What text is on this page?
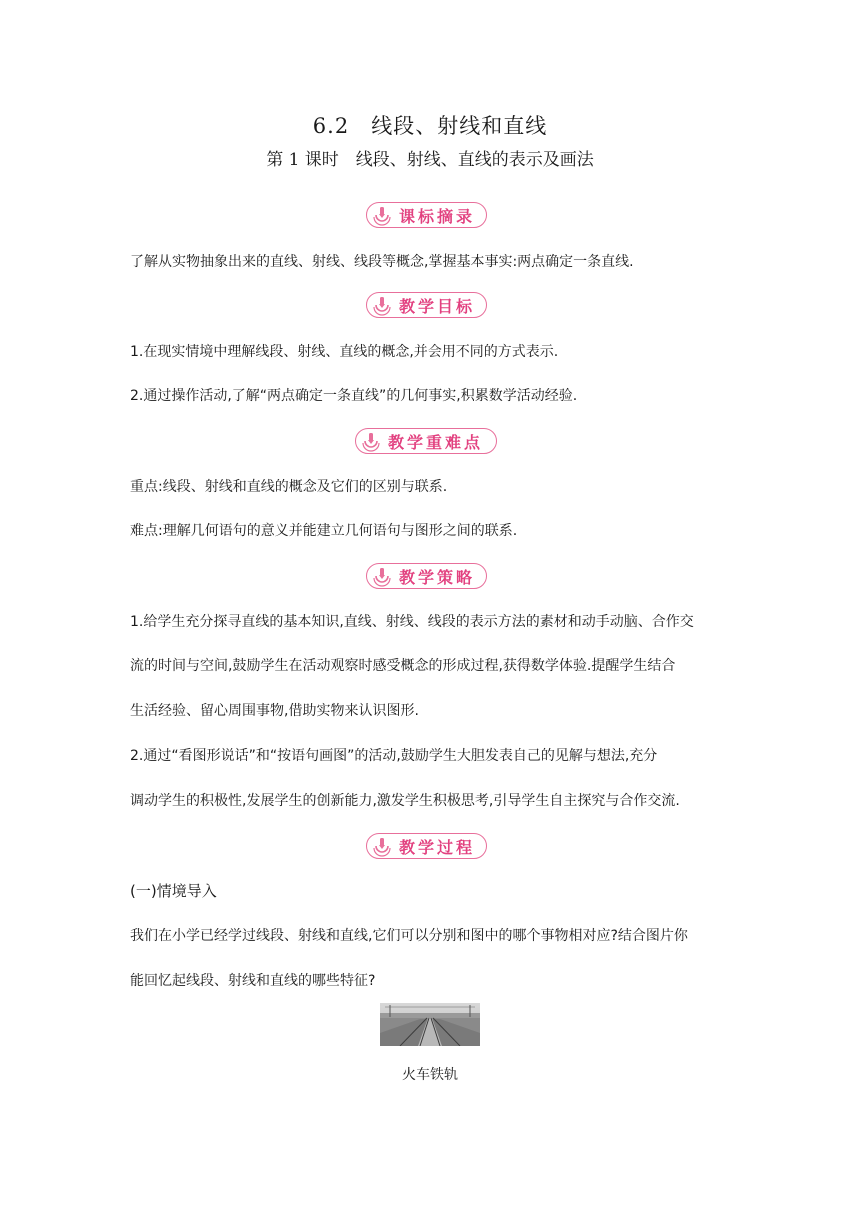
6.2　线段、射线和直线
第 1 课时　线段、射线、直线的表示及画法
课标摘录
了解从实物抽象出来的直线、射线、线段等概念,掌握基本事实:两点确定一条直线.
教学目标
1.在现实情境中理解线段、射线、直线的概念,并会用不同的方式表示.
2.通过操作活动,了解“两点确定一条直线”的几何事实,积累数学活动经验.
教学重难点
重点:线段、射线和直线的概念及它们的区别与联系.
难点:理解几何语句的意义并能建立几何语句与图形之间的联系.
教学策略
1.给学生充分探寻直线的基本知识,直线、射线、线段的表示方法的素材和动手动脑、合作交
流的时间与空间,鼓励学生在活动观察时感受概念的形成过程,获得数学体验.提醒学生结合
生活经验、留心周围事物,借助实物来认识图形.
2.通过“看图形说话”和“按语句画图”的活动,鼓励学生大胆发表自己的见解与想法,充分
调动学生的积极性,发展学生的创新能力,激发学生积极思考,引导学生自主探究与合作交流.
教学过程
(一)情境导入
我们在小学已经学过线段、射线和直线,它们可以分别和图中的哪个事物相对应?结合图片你
能回忆起线段、射线和直线的哪些特征?
火车铁轨
